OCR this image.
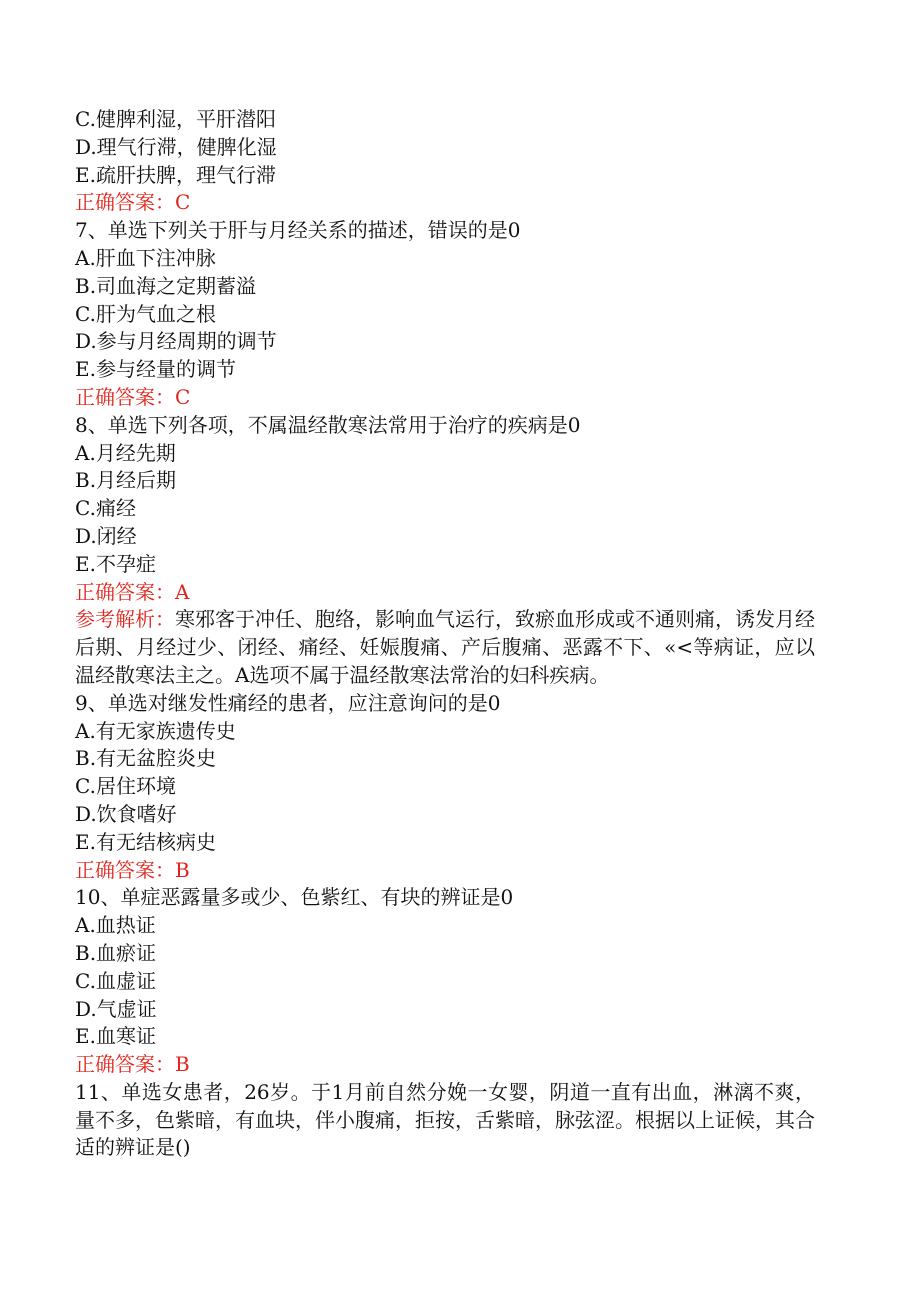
C.健脾利湿，平肝潜阳

D.理气行滞，健脾化湿

E.疏肝扶脾，理气行滞

正确答案：C

7、单选下列关于肝与月经关系的描述，错误的是0

A.肝血下注冲脉

B.司血海之定期蓄溢

C.肝为气血之根

D.参与月经周期的调节

E.参与经量的调节

正确答案：C

8、单选下列各项，不属温经散寒法常用于治疗的疾病是0

A.月经先期

B.月经后期

C.痛经

D.闭经

E.不孕症

正确答案：A

参考解析：寒邪客于冲任、胞络，影响血气运行，致瘀血形成或不通则痛，诱发月经后期、月经过少、闭经、痛经、妊娠腹痛、产后腹痛、恶露不下、«<等病证，应以温经散寒法主之。A选项不属于温经散寒法常治的妇科疾病。

9、单选对继发性痛经的患者，应注意询问的是0

A.有无家族遗传史

B.有无盆腔炎史

C.居住环境

D.饮食嗜好

E.有无结核病史

正确答案：B

10、单症恶露量多或少、色紫红、有块的辨证是0

A.血热证

B.血瘀证

C.血虚证

D.气虚证

E.血寒证

正确答案：B

11、单选女患者，26岁。于1月前自然分娩一女婴，阴道一直有出血，淋漓不爽，量不多，色紫暗，有血块，伴小腹痛，拒按，舌紫暗，脉弦涩。根据以上证候，其合适的辨证是()
